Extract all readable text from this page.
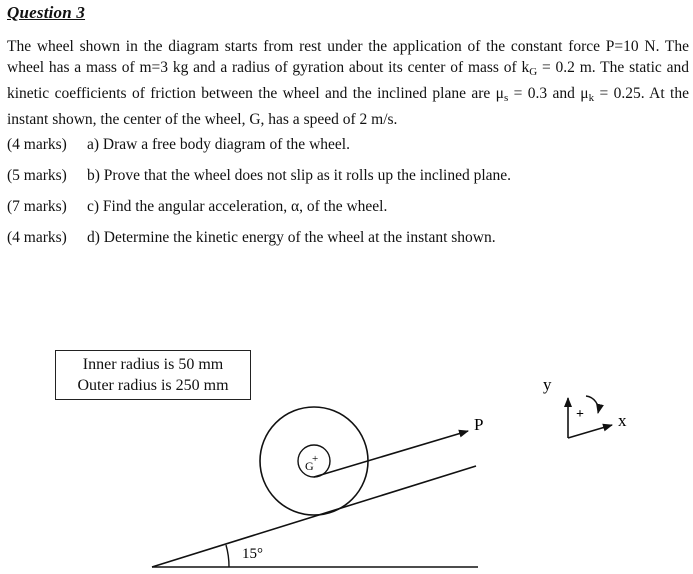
Question 3
The wheel shown in the diagram starts from rest under the application of the constant force P=10 N. The wheel has a mass of m=3 kg and a radius of gyration about its center of mass of $k_G = 0.2$ m. The static and kinetic coefficients of friction between the wheel and the inclined plane are $\mu_s = 0.3$ and $\mu_k = 0.25$. At the instant shown, the center of the wheel, G, has a speed of 2 m/s.
(4 marks) a) Draw a free body diagram of the wheel.
(5 marks) b) Prove that the wheel does not slip as it rolls up the inclined plane.
(7 marks) c) Find the angular acceleration, α, of the wheel.
(4 marks) d) Determine the kinetic energy of the wheel at the instant shown.
Inner radius is 50 mm
Outer radius is 250 mm
G
+
P
15°
y
x
+
